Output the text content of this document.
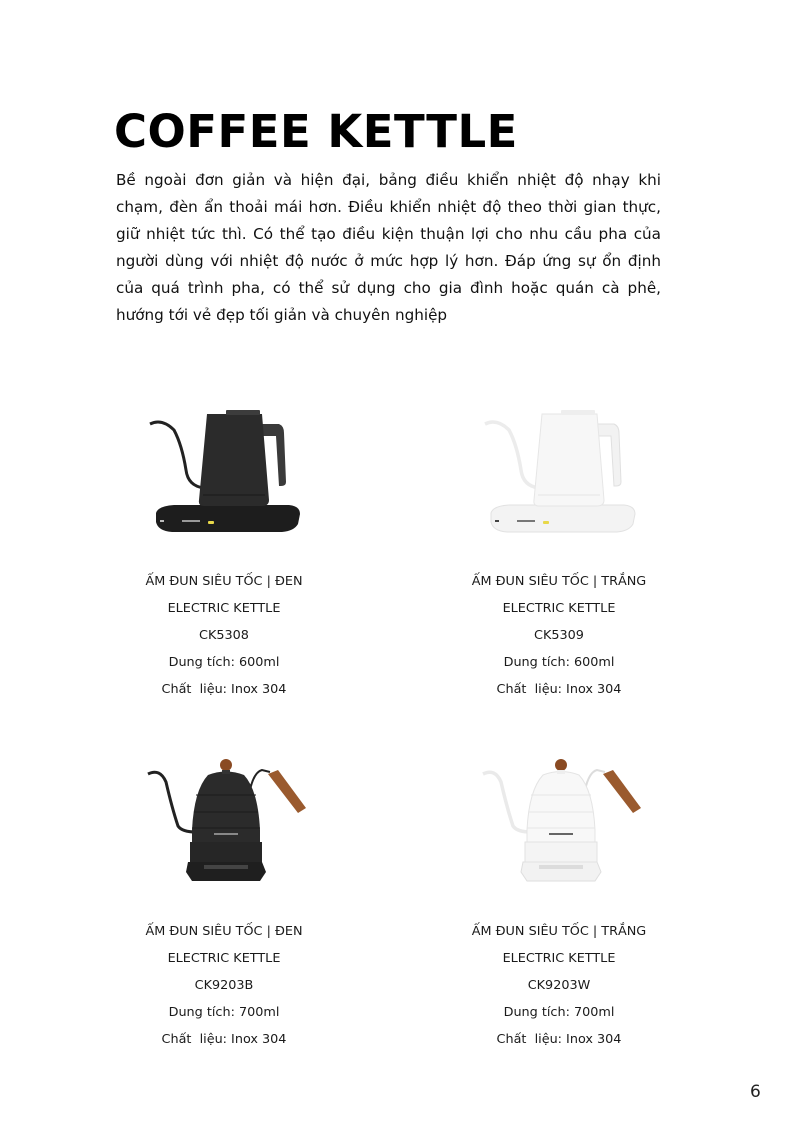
COFFEE KETTLE

Bề ngoài đơn giản và hiện đại, bảng điều khiển nhiệt độ nhạy khi chạm, đèn ẩn thoải mái hơn. Điều khiển nhiệt độ theo thời gian thực, giữ nhiệt tức thì. Có thể tạo điều kiện thuận lợi cho nhu cầu pha của người dùng với nhiệt độ nước ở mức hợp lý hơn. Đáp ứng sự ổn định của quá trình pha, có thể sử dụng cho gia đình hoặc quán cà phê, hướng tới vẻ đẹp tối giản và chuyên nghiệp

ẤM ĐUN SIÊU TỐC | ĐEN
ELECTRIC KETTLE
CK5308
Dung tích: 600ml
Chất  liệu: Inox 304
ẤM ĐUN SIÊU TỐC | TRẮNG
ELECTRIC KETTLE
CK5309
Dung tích: 600ml
Chất  liệu: Inox 304
ẤM ĐUN SIÊU TỐC | ĐEN
ELECTRIC KETTLE
CK9203B
Dung tích: 700ml
Chất  liệu: Inox 304
ẤM ĐUN SIÊU TỐC | TRẮNG
ELECTRIC KETTLE
CK9203W
Dung tích: 700ml
Chất  liệu: Inox 304
6
